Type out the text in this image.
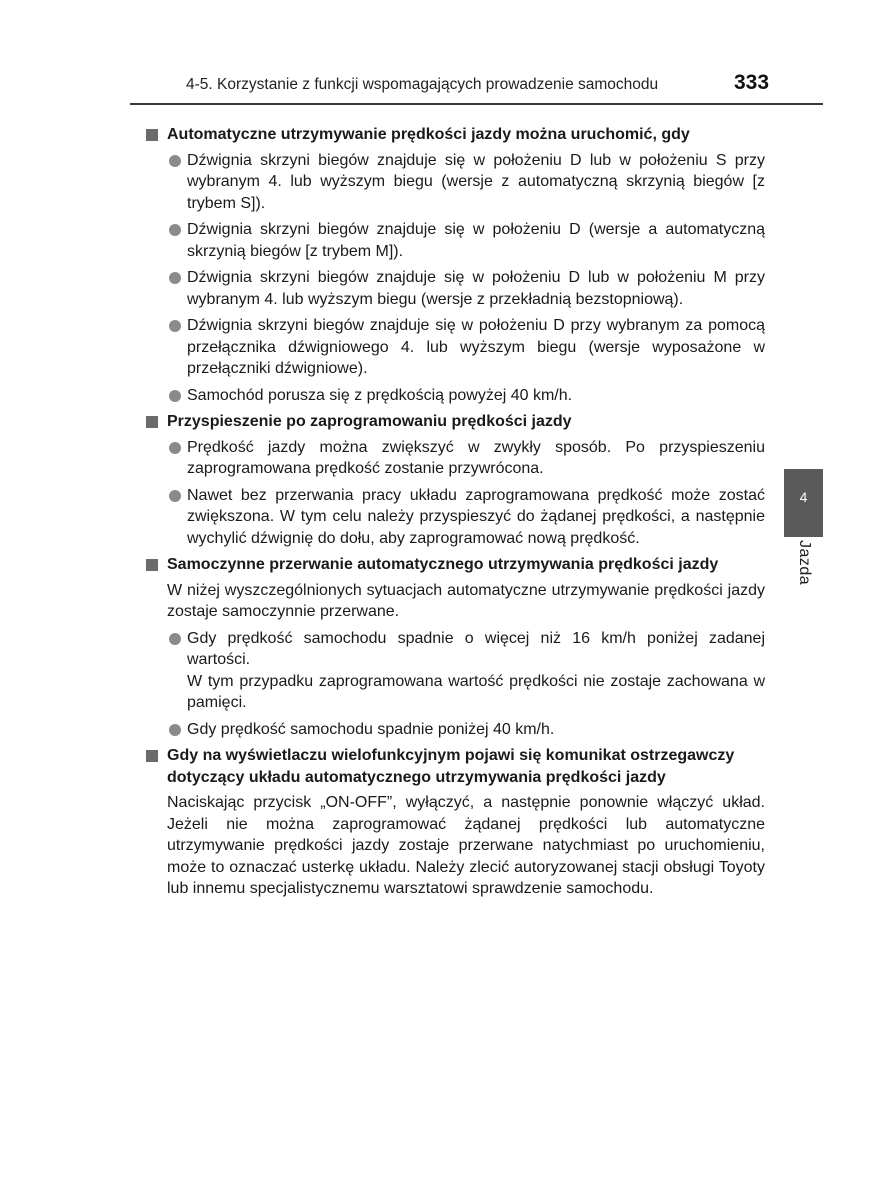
4-5. Korzystanie z funkcji wspomagających prowadzenie samochodu	333
4
Jazda
Automatyczne utrzymywanie prędkości jazdy można uruchomić, gdy
Dźwignia skrzyni biegów znajduje się w położeniu D lub w położeniu S przy wybranym 4. lub wyższym biegu (wersje z automatyczną skrzynią biegów [z trybem S]).
Dźwignia skrzyni biegów znajduje się w położeniu D (wersje a automatyczną skrzynią biegów [z trybem M]).
Dźwignia skrzyni biegów znajduje się w położeniu D lub w położeniu M przy wybranym 4. lub wyższym biegu (wersje z przekładnią bezstopniową).
Dźwignia skrzyni biegów znajduje się w położeniu D przy wybranym za pomocą przełącznika dźwigniowego 4. lub wyższym biegu (wersje wyposażone w przełączniki dźwigniowe).
Samochód porusza się z prędkością powyżej 40 km/h.
Przyspieszenie po zaprogramowaniu prędkości jazdy
Prędkość jazdy można zwiększyć w zwykły sposób. Po przyspieszeniu zaprogramowana prędkość zostanie przywrócona.
Nawet bez przerwania pracy układu zaprogramowana prędkość może zostać zwiększona. W tym celu należy przyspieszyć do żądanej prędkości, a następnie wychylić dźwignię do dołu, aby zaprogramować nową prędkość.
Samoczynne przerwanie automatycznego utrzymywania prędkości jazdy
W niżej wyszczególnionych sytuacjach automatyczne utrzymywanie prędkości jazdy zostaje samoczynnie przerwane.
Gdy prędkość samochodu spadnie o więcej niż 16 km/h poniżej zadanej wartości.
W tym przypadku zaprogramowana wartość prędkości nie zostaje zachowana w pamięci.
Gdy prędkość samochodu spadnie poniżej 40 km/h.
Gdy na wyświetlaczu wielofunkcyjnym pojawi się komunikat ostrzegawczy dotyczący układu automatycznego utrzymywania prędkości jazdy
Naciskając przycisk „ON-OFF”, wyłączyć, a następnie ponownie włączyć układ. Jeżeli nie można zaprogramować żądanej prędkości lub automatyczne utrzymywanie prędkości jazdy zostaje przerwane natychmiast po uruchomieniu, może to oznaczać usterkę układu. Należy zlecić autoryzowanej stacji obsługi Toyoty lub innemu specjalistycznemu warsztatowi sprawdzenie samochodu.
